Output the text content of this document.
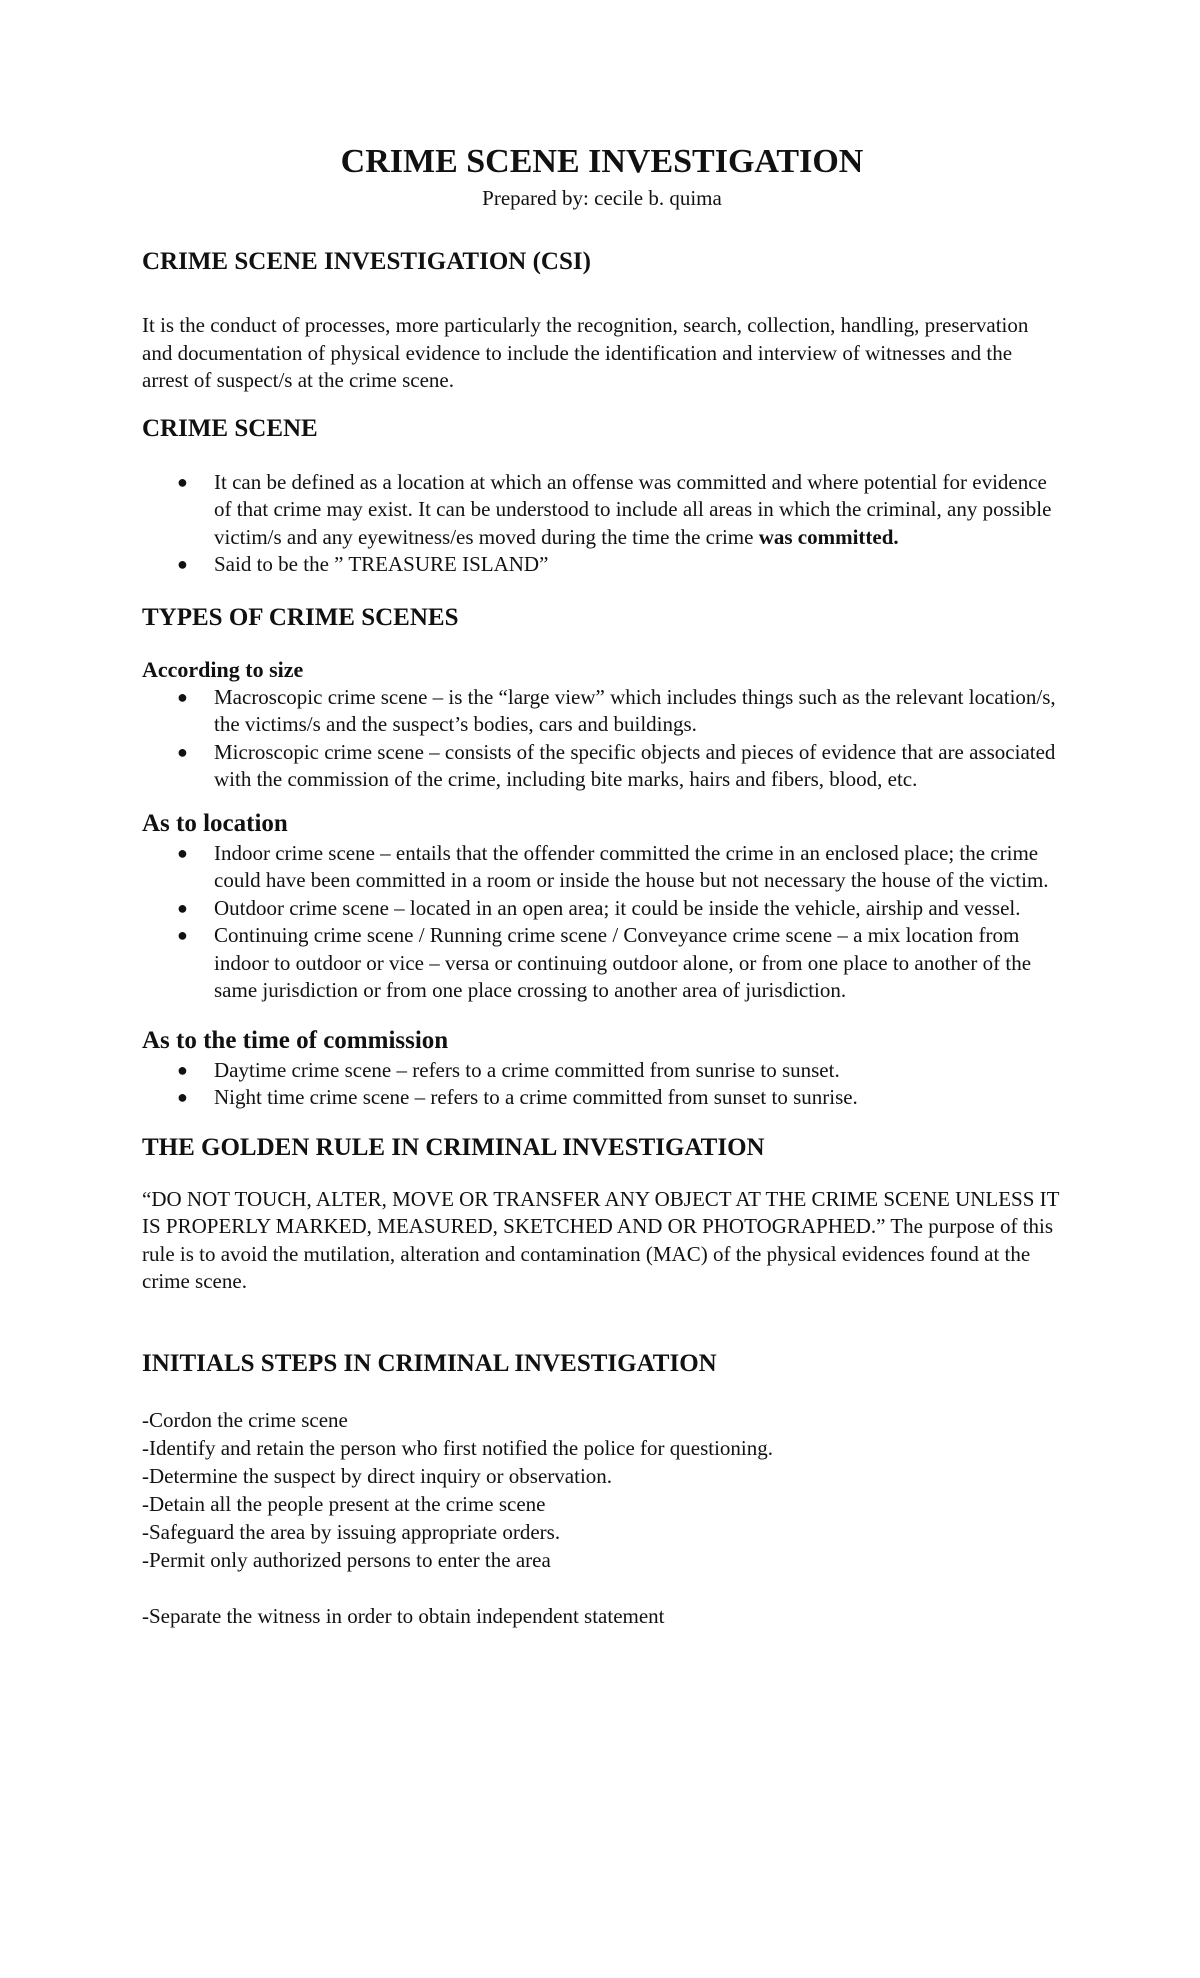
CRIME SCENE INVESTIGATION
Prepared by: cecile b. quima
CRIME SCENE INVESTIGATION (CSI)

It is the conduct of processes, more particularly the recognition, search, collection, handling, preservation and documentation of physical evidence to include the identification and interview of witnesses and the arrest of suspect/s at the crime scene.

CRIME SCENE
● It can be defined as a location at which an offense was committed and where potential for evidence of that crime may exist. It can be understood to include all areas in which the criminal, any possible victim/s and any eyewitness/es moved during the time the crime was committed.
● Said to be the ” TREASURE ISLAND”
TYPES OF CRIME SCENES
According to size
● Macroscopic crime scene – is the “large view” which includes things such as the relevant location/s, the victims/s and the suspect’s bodies, cars and buildings.
● Microscopic crime scene – consists of the specific objects and pieces of evidence that are associated with the commission of the crime, including bite marks, hairs and fibers, blood, etc.
As to location
● Indoor crime scene – entails that the offender committed the crime in an enclosed place; the crime could have been committed in a room or inside the house but not necessary the house of the victim.
● Outdoor crime scene – located in an open area; it could be inside the vehicle, airship and vessel.
● Continuing crime scene / Running crime scene / Conveyance crime scene – a mix location from indoor to outdoor or vice – versa or continuing outdoor alone, or from one place to another of the same jurisdiction or from one place crossing to another area of jurisdiction.
As to the time of commission
● Daytime crime scene – refers to a crime committed from sunrise to sunset.
● Night time crime scene – refers to a crime committed from sunset to sunrise.
THE GOLDEN RULE IN CRIMINAL INVESTIGATION

“DO NOT TOUCH, ALTER, MOVE OR TRANSFER ANY OBJECT AT THE CRIME SCENE UNLESS IT IS PROPERLY MARKED, MEASURED, SKETCHED AND OR PHOTOGRAPHED.” The purpose of this rule is to avoid the mutilation, alteration and contamination (MAC) of the physical evidences found at the crime scene.

INITIALS STEPS IN CRIMINAL INVESTIGATION

-Cordon the crime scene

-Identify and retain the person who first notified the police for questioning.

-Determine the suspect by direct inquiry or observation.

-Detain all the people present at the crime scene

-Safeguard the area by issuing appropriate orders.

-Permit only authorized persons to enter the area

-Separate the witness in order to obtain independent statement
